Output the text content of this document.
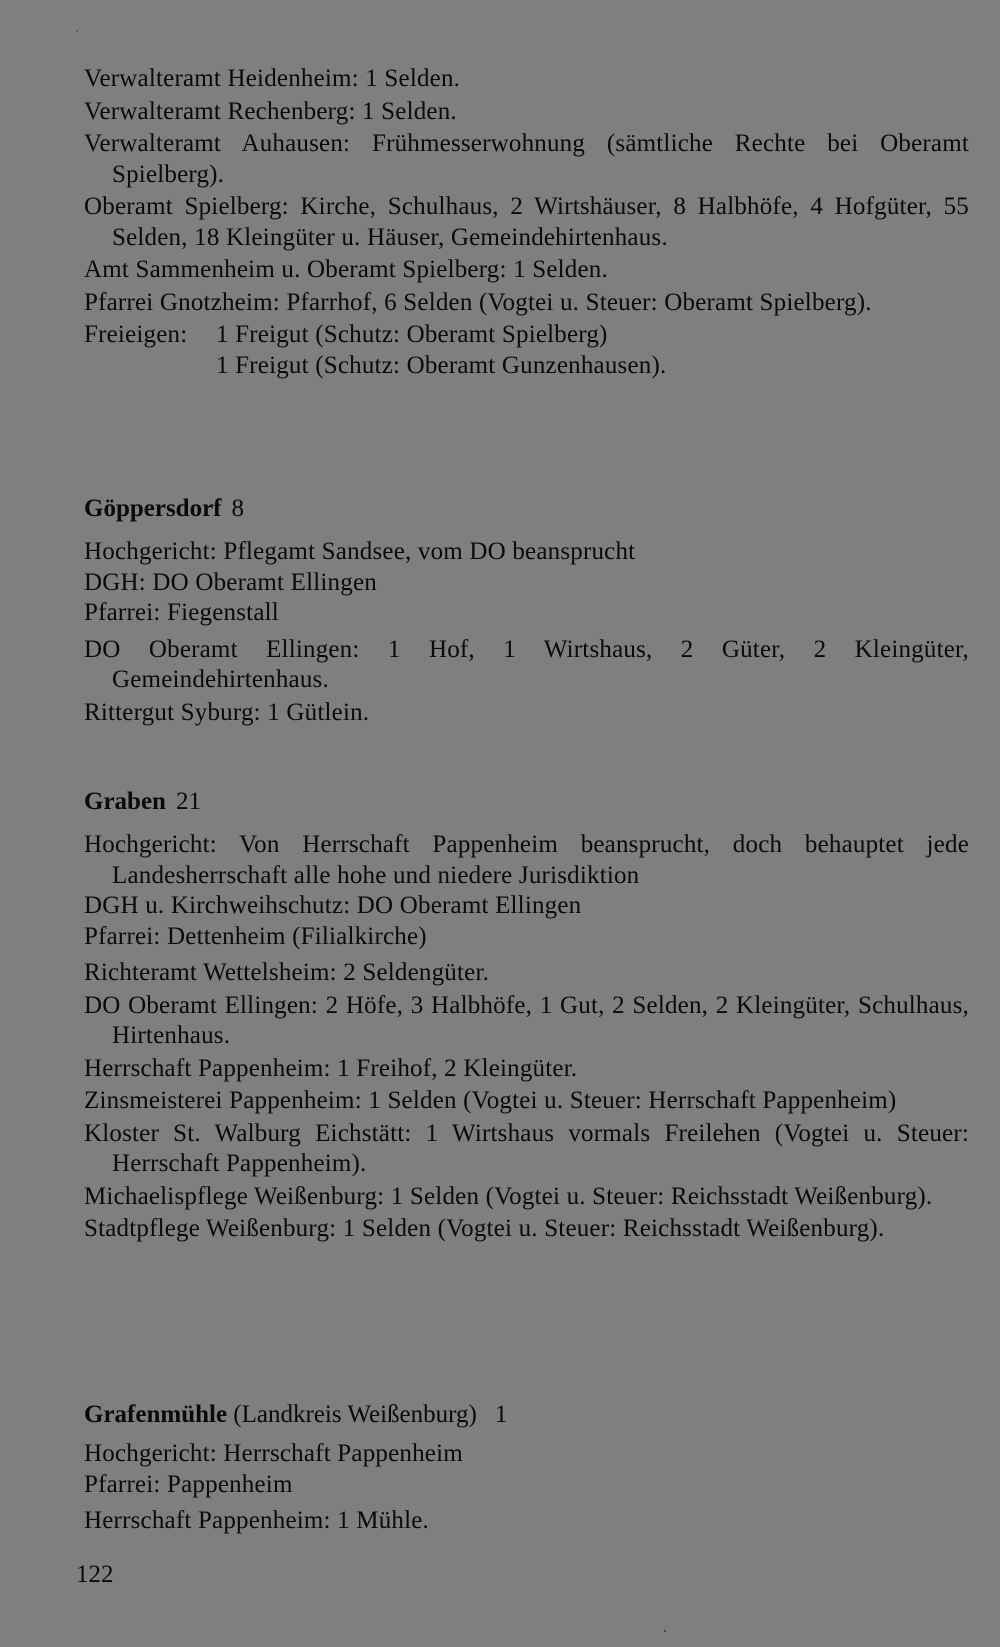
Verwalteramt Heidenheim: 1 Selden.

Verwalteramt Rechenberg: 1 Selden.

Verwalteramt Auhausen: Frühmesserwohnung (sämtliche Rechte bei Oberamt Spielberg).

Oberamt Spielberg: Kirche, Schulhaus, 2 Wirtshäuser, 8 Halbhöfe, 4 Hofgüter, 55 Selden, 18 Kleingüter u. Häuser, Gemeindehirtenhaus.

Amt Sammenheim u. Oberamt Spielberg: 1 Selden.

Pfarrei Gnotzheim: Pfarrhof, 6 Selden (Vogtei u. Steuer: Oberamt Spielberg).

Freieigen:	1 Freigut (Schutz: Oberamt Spielberg)
1 Freigut (Schutz: Oberamt Gunzenhausen).
Göppersdorf 8

Hochgericht: Pflegamt Sandsee, vom DO beansprucht

DGH: DO Oberamt Ellingen

Pfarrei: Fiegenstall

DO Oberamt Ellingen: 1 Hof, 1 Wirtshaus, 2 Güter, 2 Kleingüter, Gemeindehirtenhaus.

Rittergut Syburg: 1 Gütlein.

Graben 21

Hochgericht: Von Herrschaft Pappenheim beansprucht, doch behauptet jede Landesherrschaft alle hohe und niedere Jurisdiktion

DGH u. Kirchweihschutz: DO Oberamt Ellingen

Pfarrei: Dettenheim (Filialkirche)

Richteramt Wettelsheim: 2 Seldengüter.

DO Oberamt Ellingen: 2 Höfe, 3 Halbhöfe, 1 Gut, 2 Selden, 2 Kleingüter, Schulhaus, Hirtenhaus.

Herrschaft Pappenheim: 1 Freihof, 2 Kleingüter.

Zinsmeisterei Pappenheim: 1 Selden (Vogtei u. Steuer: Herrschaft Pappenheim)

Kloster St. Walburg Eichstätt: 1 Wirtshaus vormals Freilehen (Vogtei u. Steuer: Herrschaft Pappenheim).

Michaelispflege Weißenburg: 1 Selden (Vogtei u. Steuer: Reichsstadt Weißenburg).

Stadtpflege Weißenburg: 1 Selden (Vogtei u. Steuer: Reichsstadt Weißenburg).

Grafenmühle (Landkreis Weißenburg) 1

Hochgericht: Herrschaft Pappenheim

Pfarrei: Pappenheim

Herrschaft Pappenheim: 1 Mühle.

122
